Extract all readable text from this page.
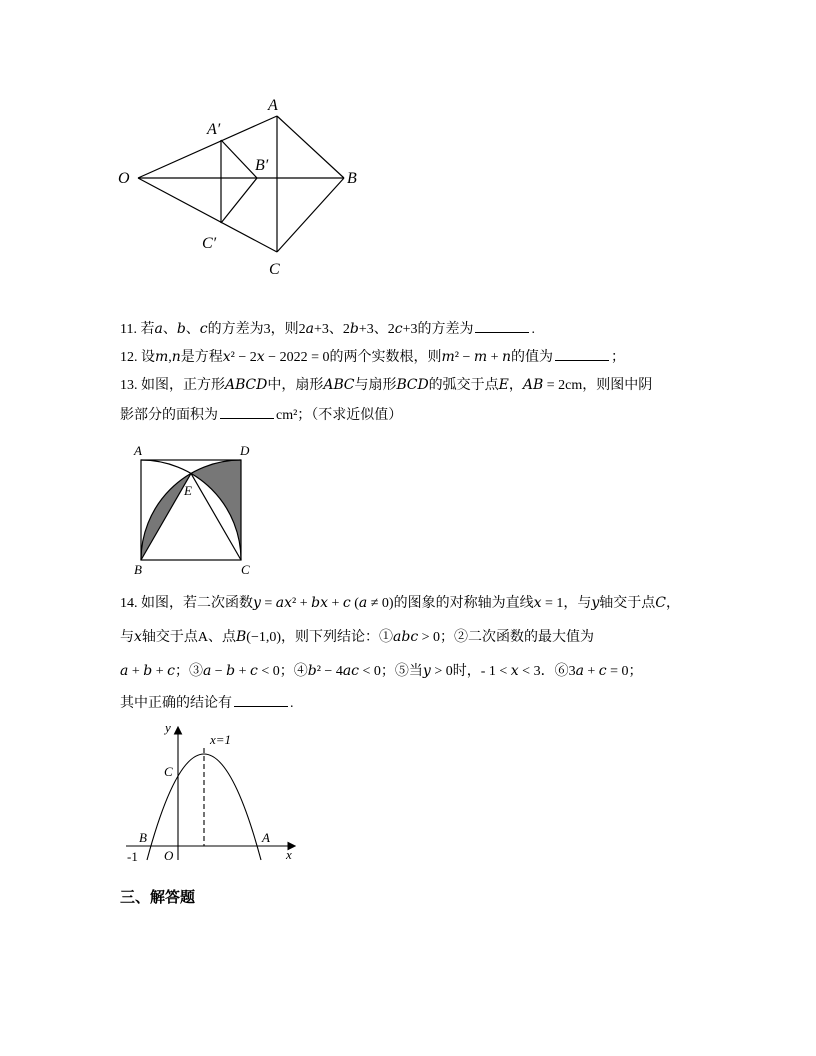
O
A
B
C
A′
B′
C′
11. 若𝑎、𝑏、𝑐的方差为3，则2𝑎+3、2𝑏+3、2𝑐+3的方差为	.
12. 设𝑚,𝑛是方程𝑥² − 2𝑥 − 2022 = 0的两个实数根，则𝑚² − 𝑚 + 𝑛的值为	；
13. 如图，正方形𝐴𝐵𝐶𝐷中，扇形𝐴𝐵𝐶与扇形𝐵𝐶𝐷的弧交于点𝐸，𝐴𝐵 = 2cm，则图中阴
影部分的面积为	cm²；（不求近似值）
A	D
B	C
E
14. 如图，若二次函数𝑦 = 𝑎𝑥² + 𝑏𝑥 + 𝑐 (𝑎 ≠ 0)的图象的对称轴为直线𝑥 = 1，与𝑦轴交于点𝐶，
与𝑥轴交于点A、点𝐵(−1,0)，则下列结论：①𝑎𝑏𝑐 > 0；②二次函数的最大值为
𝑎 + 𝑏 + 𝑐；③𝑎 − 𝑏 + 𝑐 < 0；④𝑏² − 4𝑎𝑐 < 0；⑤当𝑦 > 0时，- 1 < 𝑥 < 3．⑥3𝑎 + 𝑐 = 0；
其中正确的结论有	.
y
x
O
B	A
C
x=1
-1
三、解答题
